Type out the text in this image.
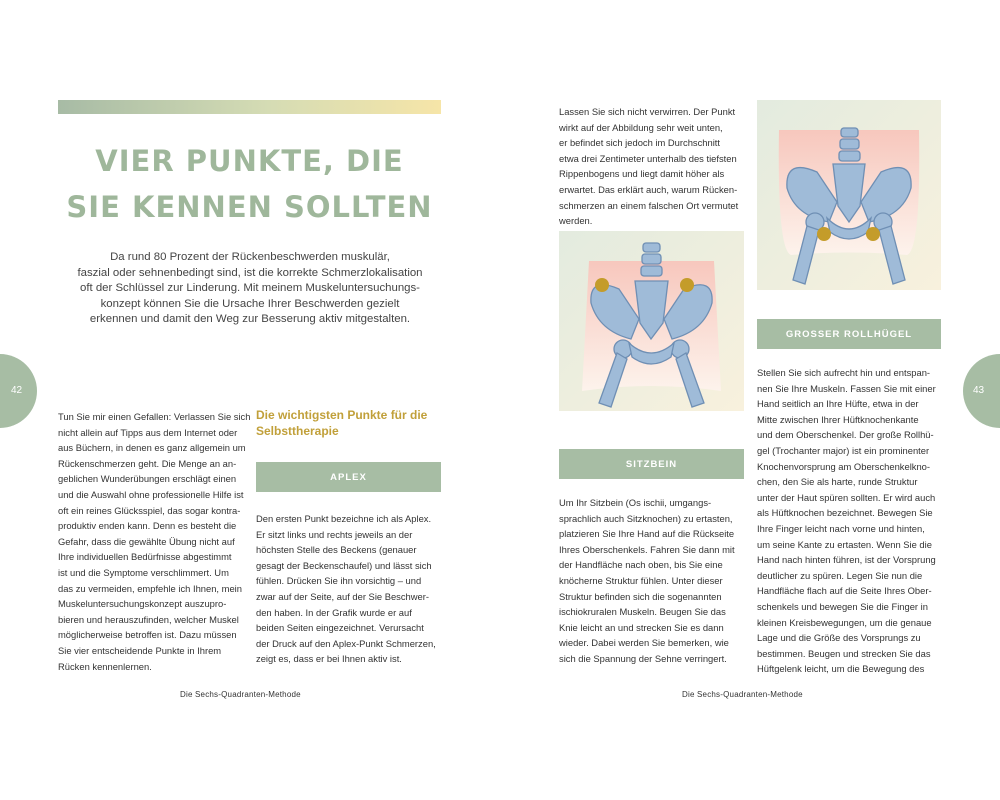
VIER PUNKTE, DIE
SIE KENNEN SOLLTEN
Da rund 80 Prozent der Rückenbeschwerden muskulär,
faszial oder sehnenbedingt sind, ist die korrekte Schmerzlokalisation
oft der Schlüssel zur Linderung. Mit meinem Muskeluntersuchungs-
konzept können Sie die Ursache Ihrer Beschwerden gezielt
erkennen und damit den Weg zur Besserung aktiv mitgestalten.
42
Tun Sie mir einen Gefallen: Verlassen Sie sich
nicht allein auf Tipps aus dem Internet oder
aus Büchern, in denen es ganz allgemein um
Rückenschmerzen geht. Die Menge an an-
geblichen Wunderübungen erschlägt einen
und die Auswahl ohne professionelle Hilfe ist
oft ein reines Glücksspiel, das sogar kontra-
produktiv enden kann. Denn es besteht die
Gefahr, dass die gewählte Übung nicht auf
Ihre individuellen Bedürfnisse abgestimmt
ist und die Symptome verschlimmert. Um
das zu vermeiden, empfehle ich Ihnen, mein
Muskeluntersuchungskonzept auszupro-
bieren und herauszufinden, welcher Muskel
möglicherweise betroffen ist. Dazu müssen
Sie vier entscheidende Punkte in Ihrem
Rücken kennenlernen.
Die wichtigsten Punkte für die
Selbsttherapie
APLEX
Den ersten Punkt bezeichne ich als Aplex.
Er sitzt links und rechts jeweils an der
höchsten Stelle des Beckens (genauer
gesagt der Beckenschaufel) und lässt sich
fühlen. Drücken Sie ihn vorsichtig – und
zwar auf der Seite, auf der Sie Beschwer-
den haben. In der Grafik wurde er auf
beiden Seiten eingezeichnet. Verursacht
der Druck auf den Aplex-Punkt Schmerzen,
zeigt es, dass er bei Ihnen aktiv ist.
Die Sechs-Quadranten-Methode
Lassen Sie sich nicht verwirren. Der Punkt
wirkt auf der Abbildung sehr weit unten,
er befindet sich jedoch im Durchschnitt
etwa drei Zentimeter unterhalb des tiefsten
Rippenbogens und liegt damit höher als
erwartet. Das erklärt auch, warum Rücken-
schmerzen an einem falschen Ort vermutet
werden.
SITZBEIN
Um Ihr Sitzbein (Os ischii, umgangs-
sprachlich auch Sitzknochen) zu ertasten,
platzieren Sie Ihre Hand auf die Rückseite
Ihres Oberschenkels. Fahren Sie dann mit
der Handfläche nach oben, bis Sie eine
knöcherne Struktur fühlen. Unter dieser
Struktur befinden sich die sogenannten
ischiokruralen Muskeln. Beugen Sie das
Knie leicht an und strecken Sie es dann
wieder. Dabei werden Sie bemerken, wie
sich die Spannung der Sehne verringert.
GROSSER ROLLHÜGEL
Stellen Sie sich aufrecht hin und entspan-
nen Sie Ihre Muskeln. Fassen Sie mit einer
Hand seitlich an Ihre Hüfte, etwa in der
Mitte zwischen Ihrer Hüftknochenkante
und dem Oberschenkel. Der große Rollhü-
gel (Trochanter major) ist ein prominenter
Knochenvorsprung am Oberschenkelkno-
chen, den Sie als harte, runde Struktur
unter der Haut spüren sollten. Er wird auch
als Hüftknochen bezeichnet. Bewegen Sie
Ihre Finger leicht nach vorne und hinten,
um seine Kante zu ertasten. Wenn Sie die
Hand nach hinten führen, ist der Vorsprung
deutlicher zu spüren. Legen Sie nun die
Handfläche flach auf die Seite Ihres Ober-
schenkels und bewegen Sie die Finger in
kleinen Kreisbewegungen, um die genaue
Lage und die Größe des Vorsprungs zu
bestimmen. Beugen und strecken Sie das
Hüftgelenk leicht, um die Bewegung des
43
Die Sechs-Quadranten-Methode
